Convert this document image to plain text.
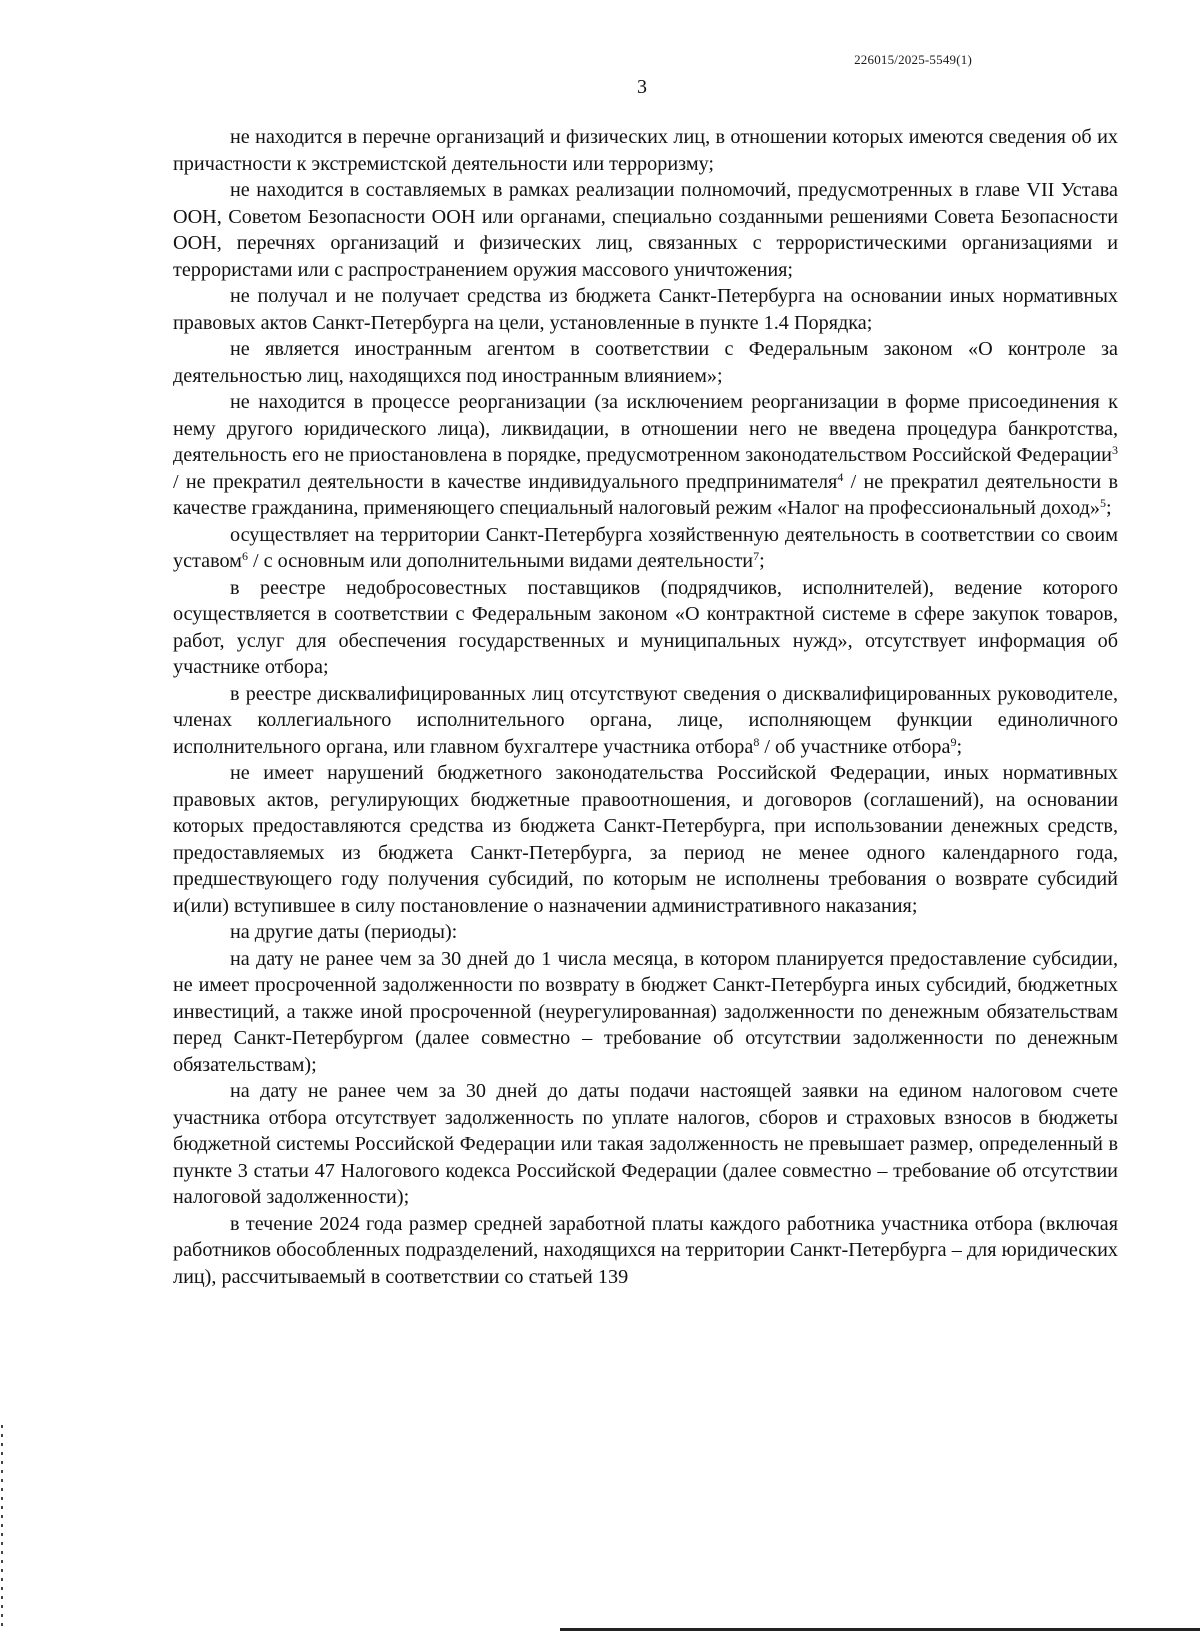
226015/2025-5549(1)
3

не находится в перечне организаций и физических лиц, в отношении которых имеются сведения об их причастности к экстремистской деятельности или терроризму;

не находится в составляемых в рамках реализации полномочий, предусмотренных в главе VII Устава ООН, Советом Безопасности ООН или органами, специально созданными решениями Совета Безопасности ООН, перечнях организаций и физических лиц, связанных с террористическими организациями и террористами или с распространением оружия массового уничтожения;

не получал и не получает средства из бюджета Санкт-Петербурга на основании иных нормативных правовых актов Санкт-Петербурга на цели, установленные в пункте 1.4 Порядка;

не является иностранным агентом в соответствии с Федеральным законом «О контроле за деятельностью лиц, находящихся под иностранным влиянием»;

не находится в процессе реорганизации (за исключением реорганизации в форме присоединения к нему другого юридического лица), ликвидации, в отношении него не введена процедура банкротства, деятельность его не приостановлена в порядке, предусмотренном законодательством Российской Федерации$^3$ / не прекратил деятельности в качестве индивидуального предпринимателя$^4$ / не прекратил деятельности в качестве гражданина, применяющего специальный налоговый режим «Налог на профессиональный доход»$^5$;

осуществляет на территории Санкт-Петербурга хозяйственную деятельность в соответствии со своим уставом$^6$ / с основным или дополнительными видами деятельности$^7$;

в реестре недобросовестных поставщиков (подрядчиков, исполнителей), ведение которого осуществляется в соответствии с Федеральным законом «О контрактной системе в сфере закупок товаров, работ, услуг для обеспечения государственных и муниципальных нужд», отсутствует информация об участнике отбора;

в реестре дисквалифицированных лиц отсутствуют сведения о дисквалифицированных руководителе, членах коллегиального исполнительного органа, лице, исполняющем функции единоличного исполнительного органа, или главном бухгалтере участника отбора$^8$ / об участнике отбора$^9$;

не имеет нарушений бюджетного законодательства Российской Федерации, иных нормативных правовых актов, регулирующих бюджетные правоотношения, и договоров (соглашений), на основании которых предоставляются средства из бюджета Санкт-Петербурга, при использовании денежных средств, предоставляемых из бюджета Санкт-Петербурга, за период не менее одного календарного года, предшествующего году получения субсидий, по которым не исполнены требования о возврате субсидий и(или) вступившее в силу постановление о назначении административного наказания;

на другие даты (периоды):

на дату не ранее чем за 30 дней до 1 числа месяца, в котором планируется предоставление субсидии, не имеет просроченной задолженности по возврату в бюджет Санкт-Петербурга иных субсидий, бюджетных инвестиций, а также иной просроченной (неурегулированная) задолженности по денежным обязательствам перед Санкт-Петербургом (далее совместно – требование об отсутствии задолженности по денежным обязательствам);

на дату не ранее чем за 30 дней до даты подачи настоящей заявки на едином налоговом счете участника отбора отсутствует задолженность по уплате налогов, сборов и страховых взносов в бюджеты бюджетной системы Российской Федерации или такая задолженность не превышает размер, определенный в пункте 3 статьи 47 Налогового кодекса Российской Федерации (далее совместно – требование об отсутствии налоговой задолженности);

в течение 2024 года размер средней заработной платы каждого работника участника отбора (включая работников обособленных подразделений, находящихся на территории Санкт-Петербурга – для юридических лиц), рассчитываемый в соответствии со статьей 139
